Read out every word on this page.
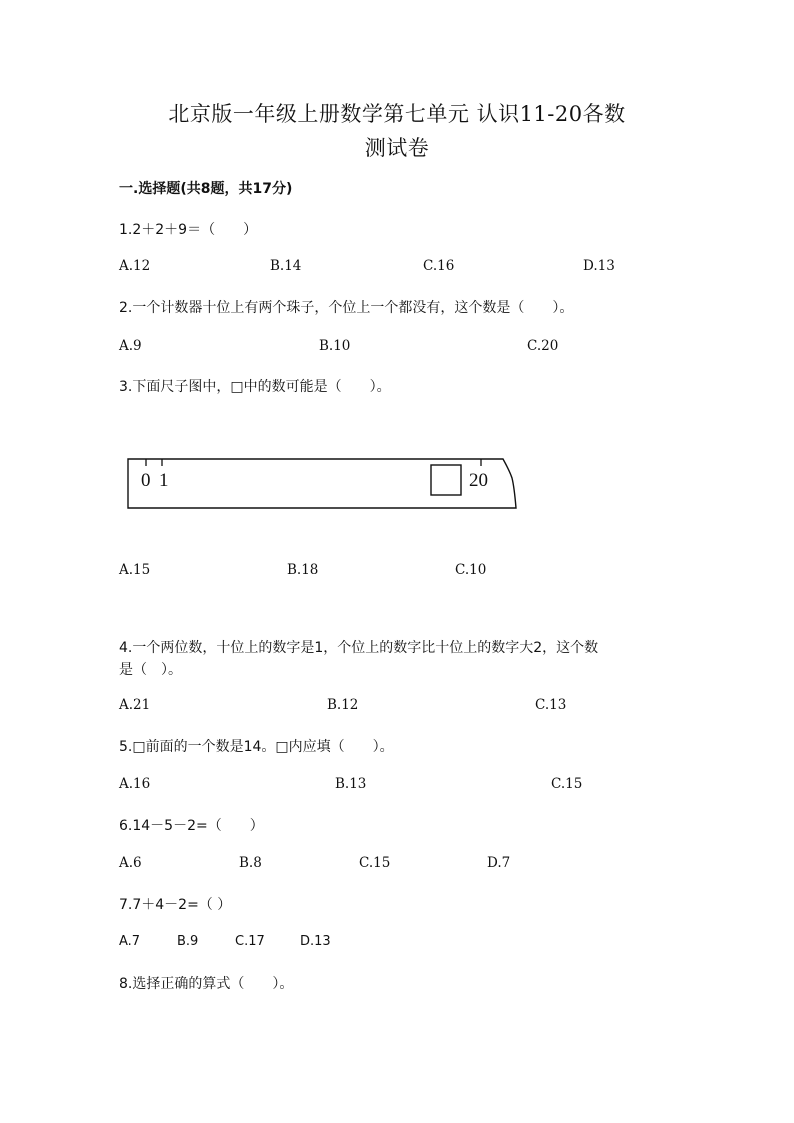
北京版一年级上册数学第七单元 认识11-20各数
测试卷
一.选择题(共8题，共17分)
1.2＋2＋9＝（　　）
A.12	B.14	C.16	D.13
2.一个计数器十位上有两个珠子，个位上一个都没有，这个数是（　　）。
A.9	B.10	C.20
3.下面尺子图中，□中的数可能是（　　）。
0 1	20
A.15	B.18	C.10
4.一个两位数，十位上的数字是1，个位上的数字比十位上的数字大2，这个数
是（　）。
A.21	B.12	C.13
5.□前面的一个数是14。□内应填（　　）。
A.16	B.13	C.15
6.14－5－2=（　　）
A.6	B.8	C.15	D.7
7.7＋4－2=（ ）
A.7	B.9	C.17	D.13
8.选择正确的算式（　　）。
